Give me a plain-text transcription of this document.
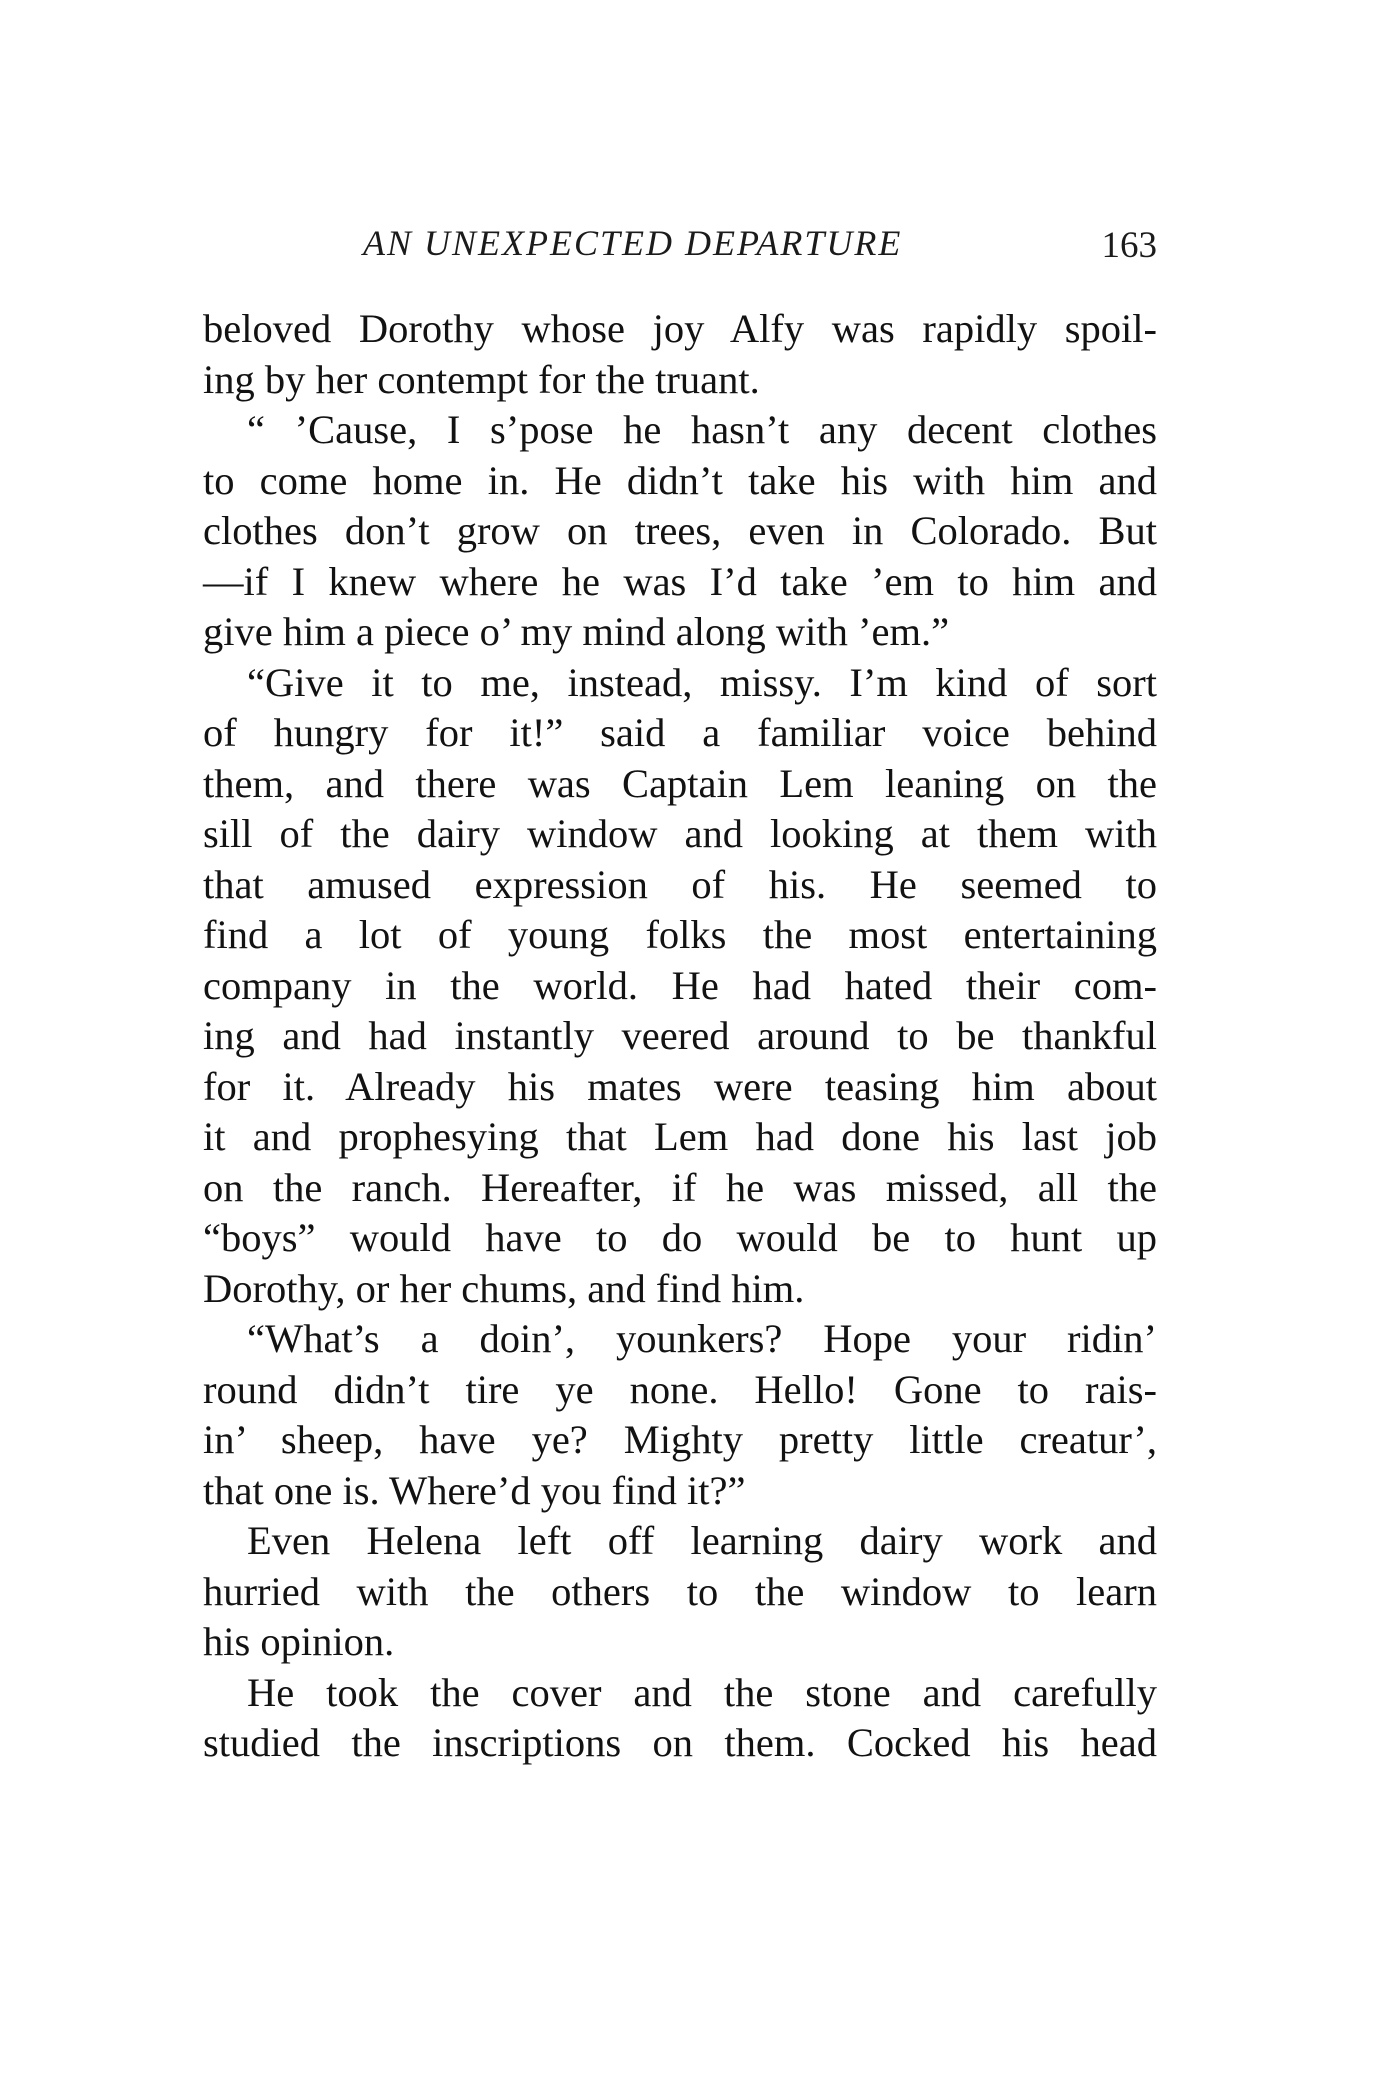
AN UNEXPECTED DEPARTURE	163
beloved Dorothy whose joy Alfy was rapidly spoil-
ing by her contempt for the truant.
“ ’Cause, I s’pose he hasn’t any decent clothes
to come home in. He didn’t take his with him and
clothes don’t grow on trees, even in Colorado. But
—if I knew where he was I’d take ’em to him and
give him a piece o’ my mind along with ’em.”
“Give it to me, instead, missy. I’m kind of sort
of hungry for it!” said a familiar voice behind
them, and there was Captain Lem leaning on the
sill of the dairy window and looking at them with
that amused expression of his. He seemed to
find a lot of young folks the most entertaining
company in the world. He had hated their com-
ing and had instantly veered around to be thankful
for it. Already his mates were teasing him about
it and prophesying that Lem had done his last job
on the ranch. Hereafter, if he was missed, all the
“boys” would have to do would be to hunt up
Dorothy, or her chums, and find him.
“What’s a doin’, younkers? Hope your ridin’
round didn’t tire ye none. Hello! Gone to rais-
in’ sheep, have ye? Mighty pretty little creatur’,
that one is. Where’d you find it?”
Even Helena left off learning dairy work and
hurried with the others to the window to learn
his opinion.
He took the cover and the stone and carefully
studied the inscriptions on them. Cocked his head
